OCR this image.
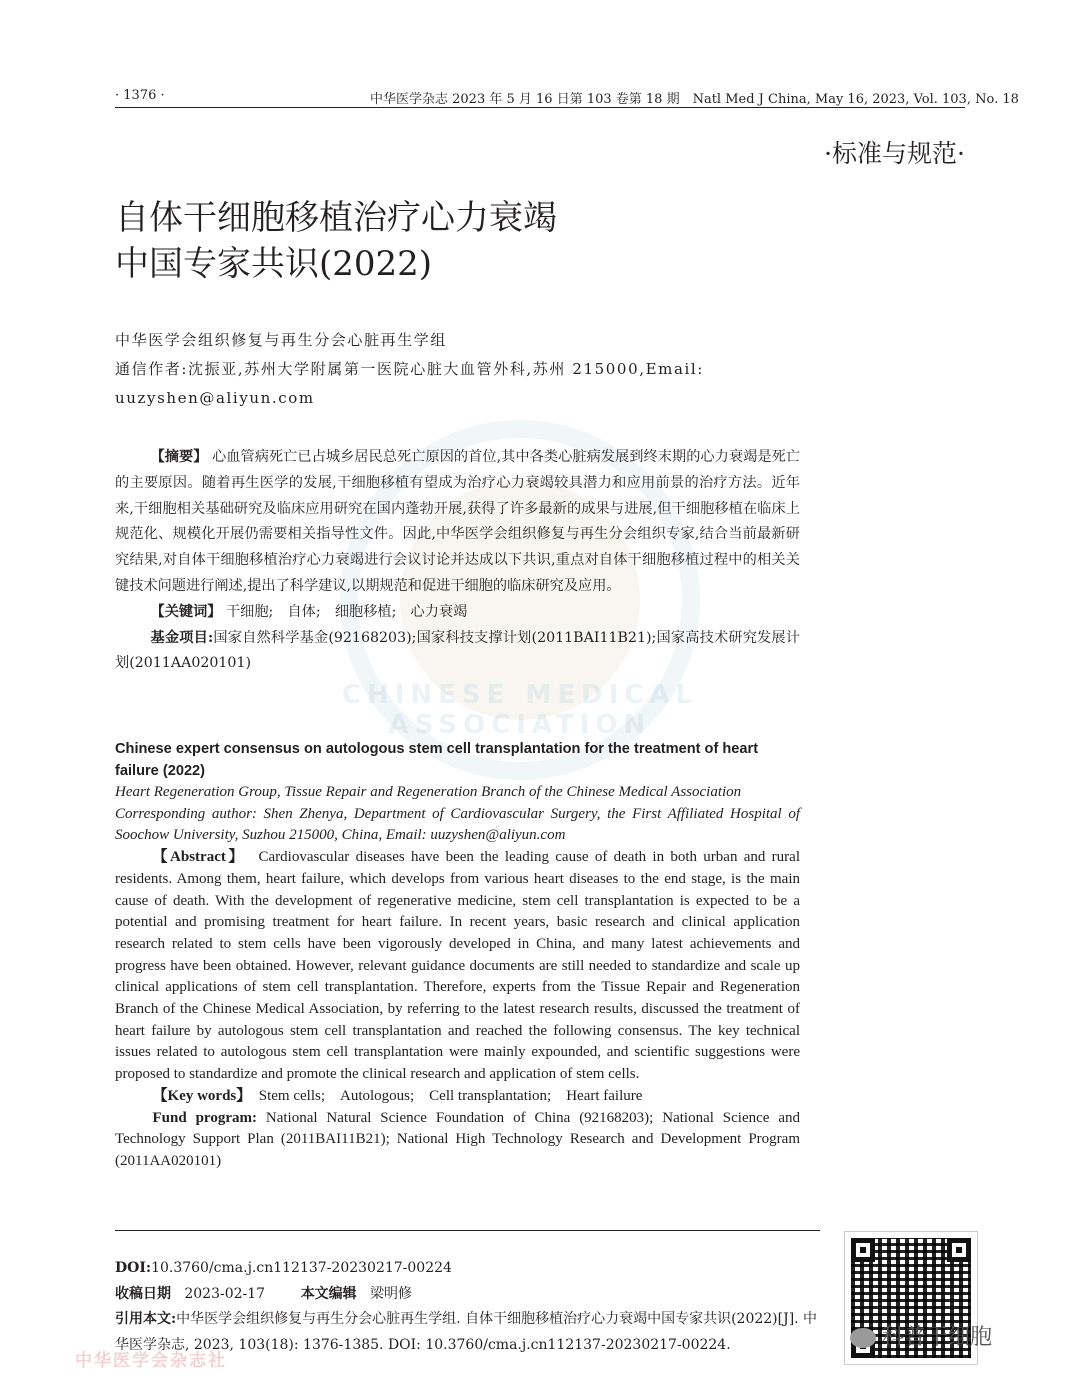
CHINESE MEDICAL ASSOCIATION
· 1376 ·	中华医学杂志 2023 年 5 月 16 日第 103 卷第 18 期　Natl Med J China, May 16, 2023, Vol. 103, No. 18
·标准与规范·
自体干细胞移植治疗心力衰竭
中国专家共识(2022)
中华医学会组织修复与再生分会心脏再生学组
通信作者:沈振亚,苏州大学附属第一医院心脏大血管外科,苏州 215000,Email:
uuzyshen@aliyun.com

【摘要】 心血管病死亡已占城乡居民总死亡原因的首位,其中各类心脏病发展到终末期的心力衰竭是死亡的主要原因。随着再生医学的发展,干细胞移植有望成为治疗心力衰竭较具潜力和应用前景的治疗方法。近年来,干细胞相关基础研究及临床应用研究在国内蓬勃开展,获得了许多最新的成果与进展,但干细胞移植在临床上规范化、规模化开展仍需要相关指导性文件。因此,中华医学会组织修复与再生分会组织专家,结合当前最新研究结果,对自体干细胞移植治疗心力衰竭进行会议讨论并达成以下共识,重点对自体干细胞移植过程中的相关关键技术问题进行阐述,提出了科学建议,以期规范和促进干细胞的临床研究及应用。

【关键词】 干细胞;　自体;　细胞移植;　心力衰竭

基金项目:国家自然科学基金(92168203);国家科技支撑计划(2011BAI11B21);国家高技术研究发展计划(2011AA020101)

Chinese expert consensus on autologous stem cell transplantation for the treatment of heart failure (2022)

Heart Regeneration Group, Tissue Repair and Regeneration Branch of the Chinese Medical Association

Corresponding author: Shen Zhenya, Department of Cardiovascular Surgery, the First Affiliated Hospital of Soochow University, Suzhou 215000, China, Email: uuzyshen@aliyun.com

【Abstract】 Cardiovascular diseases have been the leading cause of death in both urban and rural residents. Among them, heart failure, which develops from various heart diseases to the end stage, is the main cause of death. With the development of regenerative medicine, stem cell transplantation is expected to be a potential and promising treatment for heart failure. In recent years, basic research and clinical application research related to stem cells have been vigorously developed in China, and many latest achievements and progress have been obtained. However, relevant guidance documents are still needed to standardize and scale up clinical applications of stem cell transplantation. Therefore, experts from the Tissue Repair and Regeneration Branch of the Chinese Medical Association, by referring to the latest research results, discussed the treatment of heart failure by autologous stem cell transplantation and reached the following consensus. The key technical issues related to autologous stem cell transplantation were mainly expounded, and scientific suggestions were proposed to standardize and promote the clinical research and application of stem cells.

【Key words】 Stem cells;　Autologous;　Cell transplantation;　Heart failure

Fund program: National Natural Science Foundation of China (92168203); National Science and Technology Support Plan (2011BAI11B21); National High Technology Research and Development Program (2011AA020101)

DOI:10.3760/cma.j.cn112137-20230217-00224

收稿日期 2023-02-17	本文编辑 梁明修

引用本文:中华医学会组织修复与再生分会心脏再生学组. 自体干细胞移植治疗心力衰竭中国专家共识(2022)[J]. 中华医学杂志, 2023, 103(18): 1376-1385. DOI: 10.3760/cma.j.cn112137-20230217-00224.

中华医学会杂志社
科普干细胞
